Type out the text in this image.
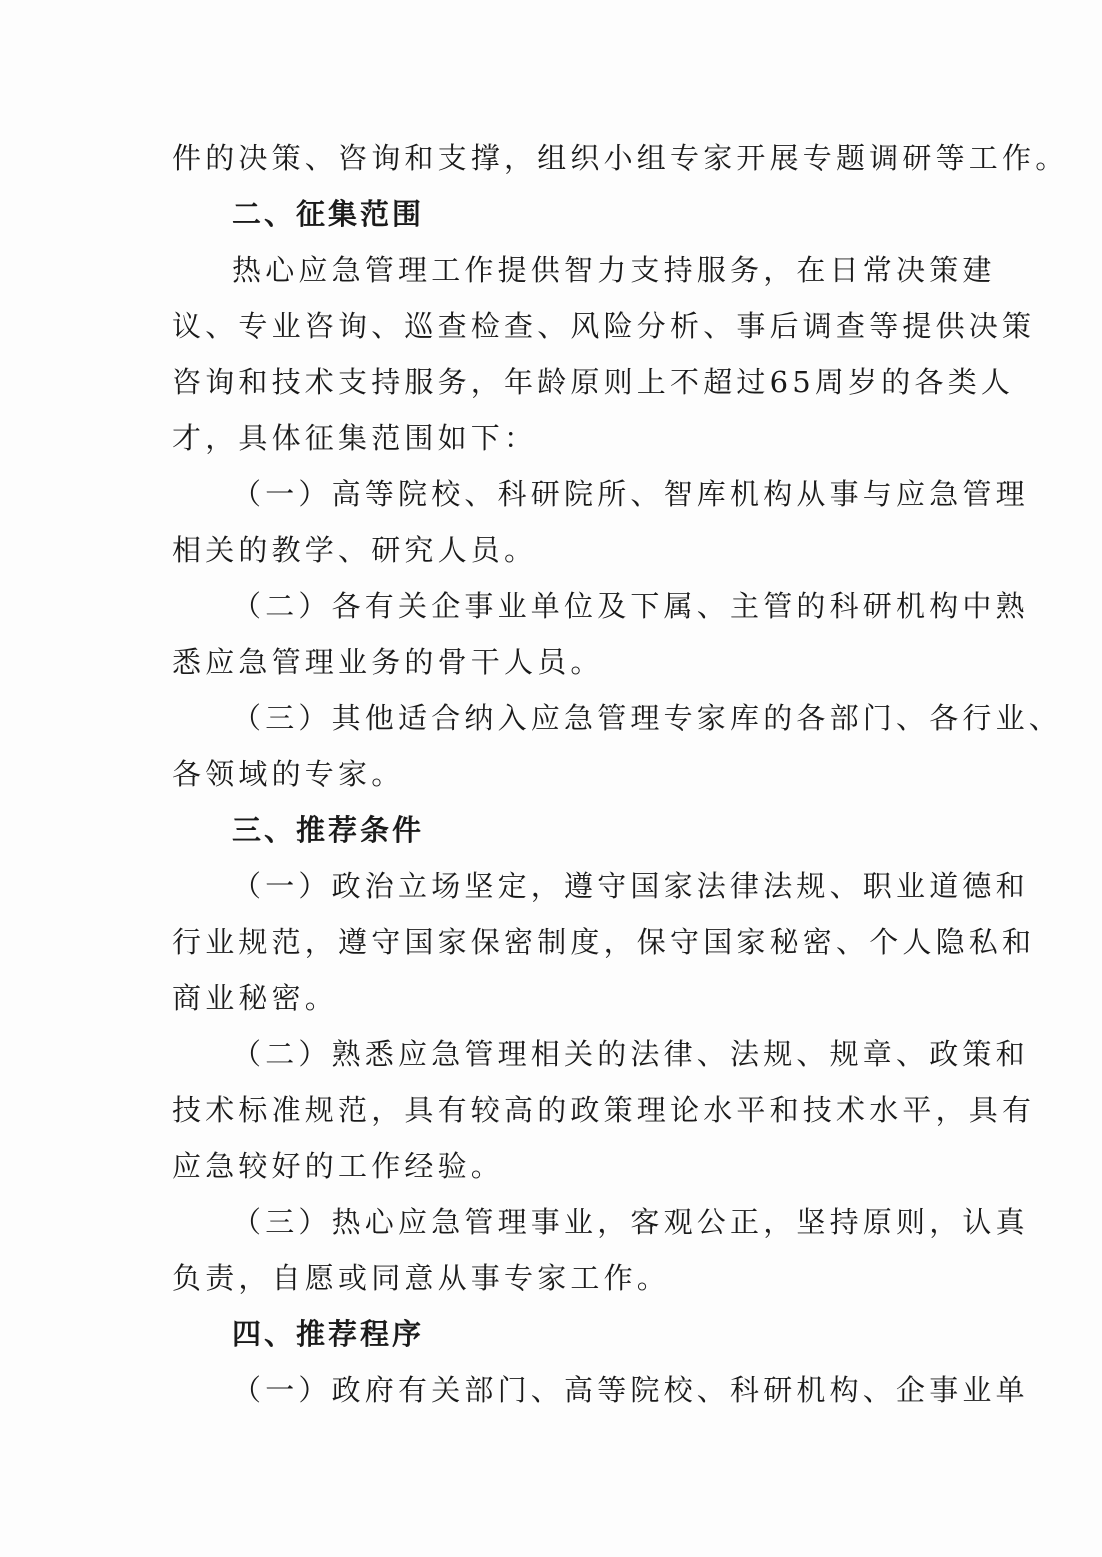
件的决策、咨询和支撑，组织小组专家开展专题调研等工作。
二、征集范围
热心应急管理工作提供智力支持服务，在日常决策建
议、专业咨询、巡查检查、风险分析、事后调查等提供决策
咨询和技术支持服务，年龄原则上不超过65周岁的各类人
才，具体征集范围如下：
（一）高等院校、科研院所、智库机构从事与应急管理
相关的教学、研究人员。
（二）各有关企事业单位及下属、主管的科研机构中熟
悉应急管理业务的骨干人员。
（三）其他适合纳入应急管理专家库的各部门、各行业、
各领域的专家。
三、推荐条件
（一）政治立场坚定，遵守国家法律法规、职业道德和
行业规范，遵守国家保密制度，保守国家秘密、个人隐私和
商业秘密。
（二）熟悉应急管理相关的法律、法规、规章、政策和
技术标准规范，具有较高的政策理论水平和技术水平，具有
应急较好的工作经验。
（三）热心应急管理事业，客观公正，坚持原则，认真
负责，自愿或同意从事专家工作。
四、推荐程序
（一）政府有关部门、高等院校、科研机构、企事业单
